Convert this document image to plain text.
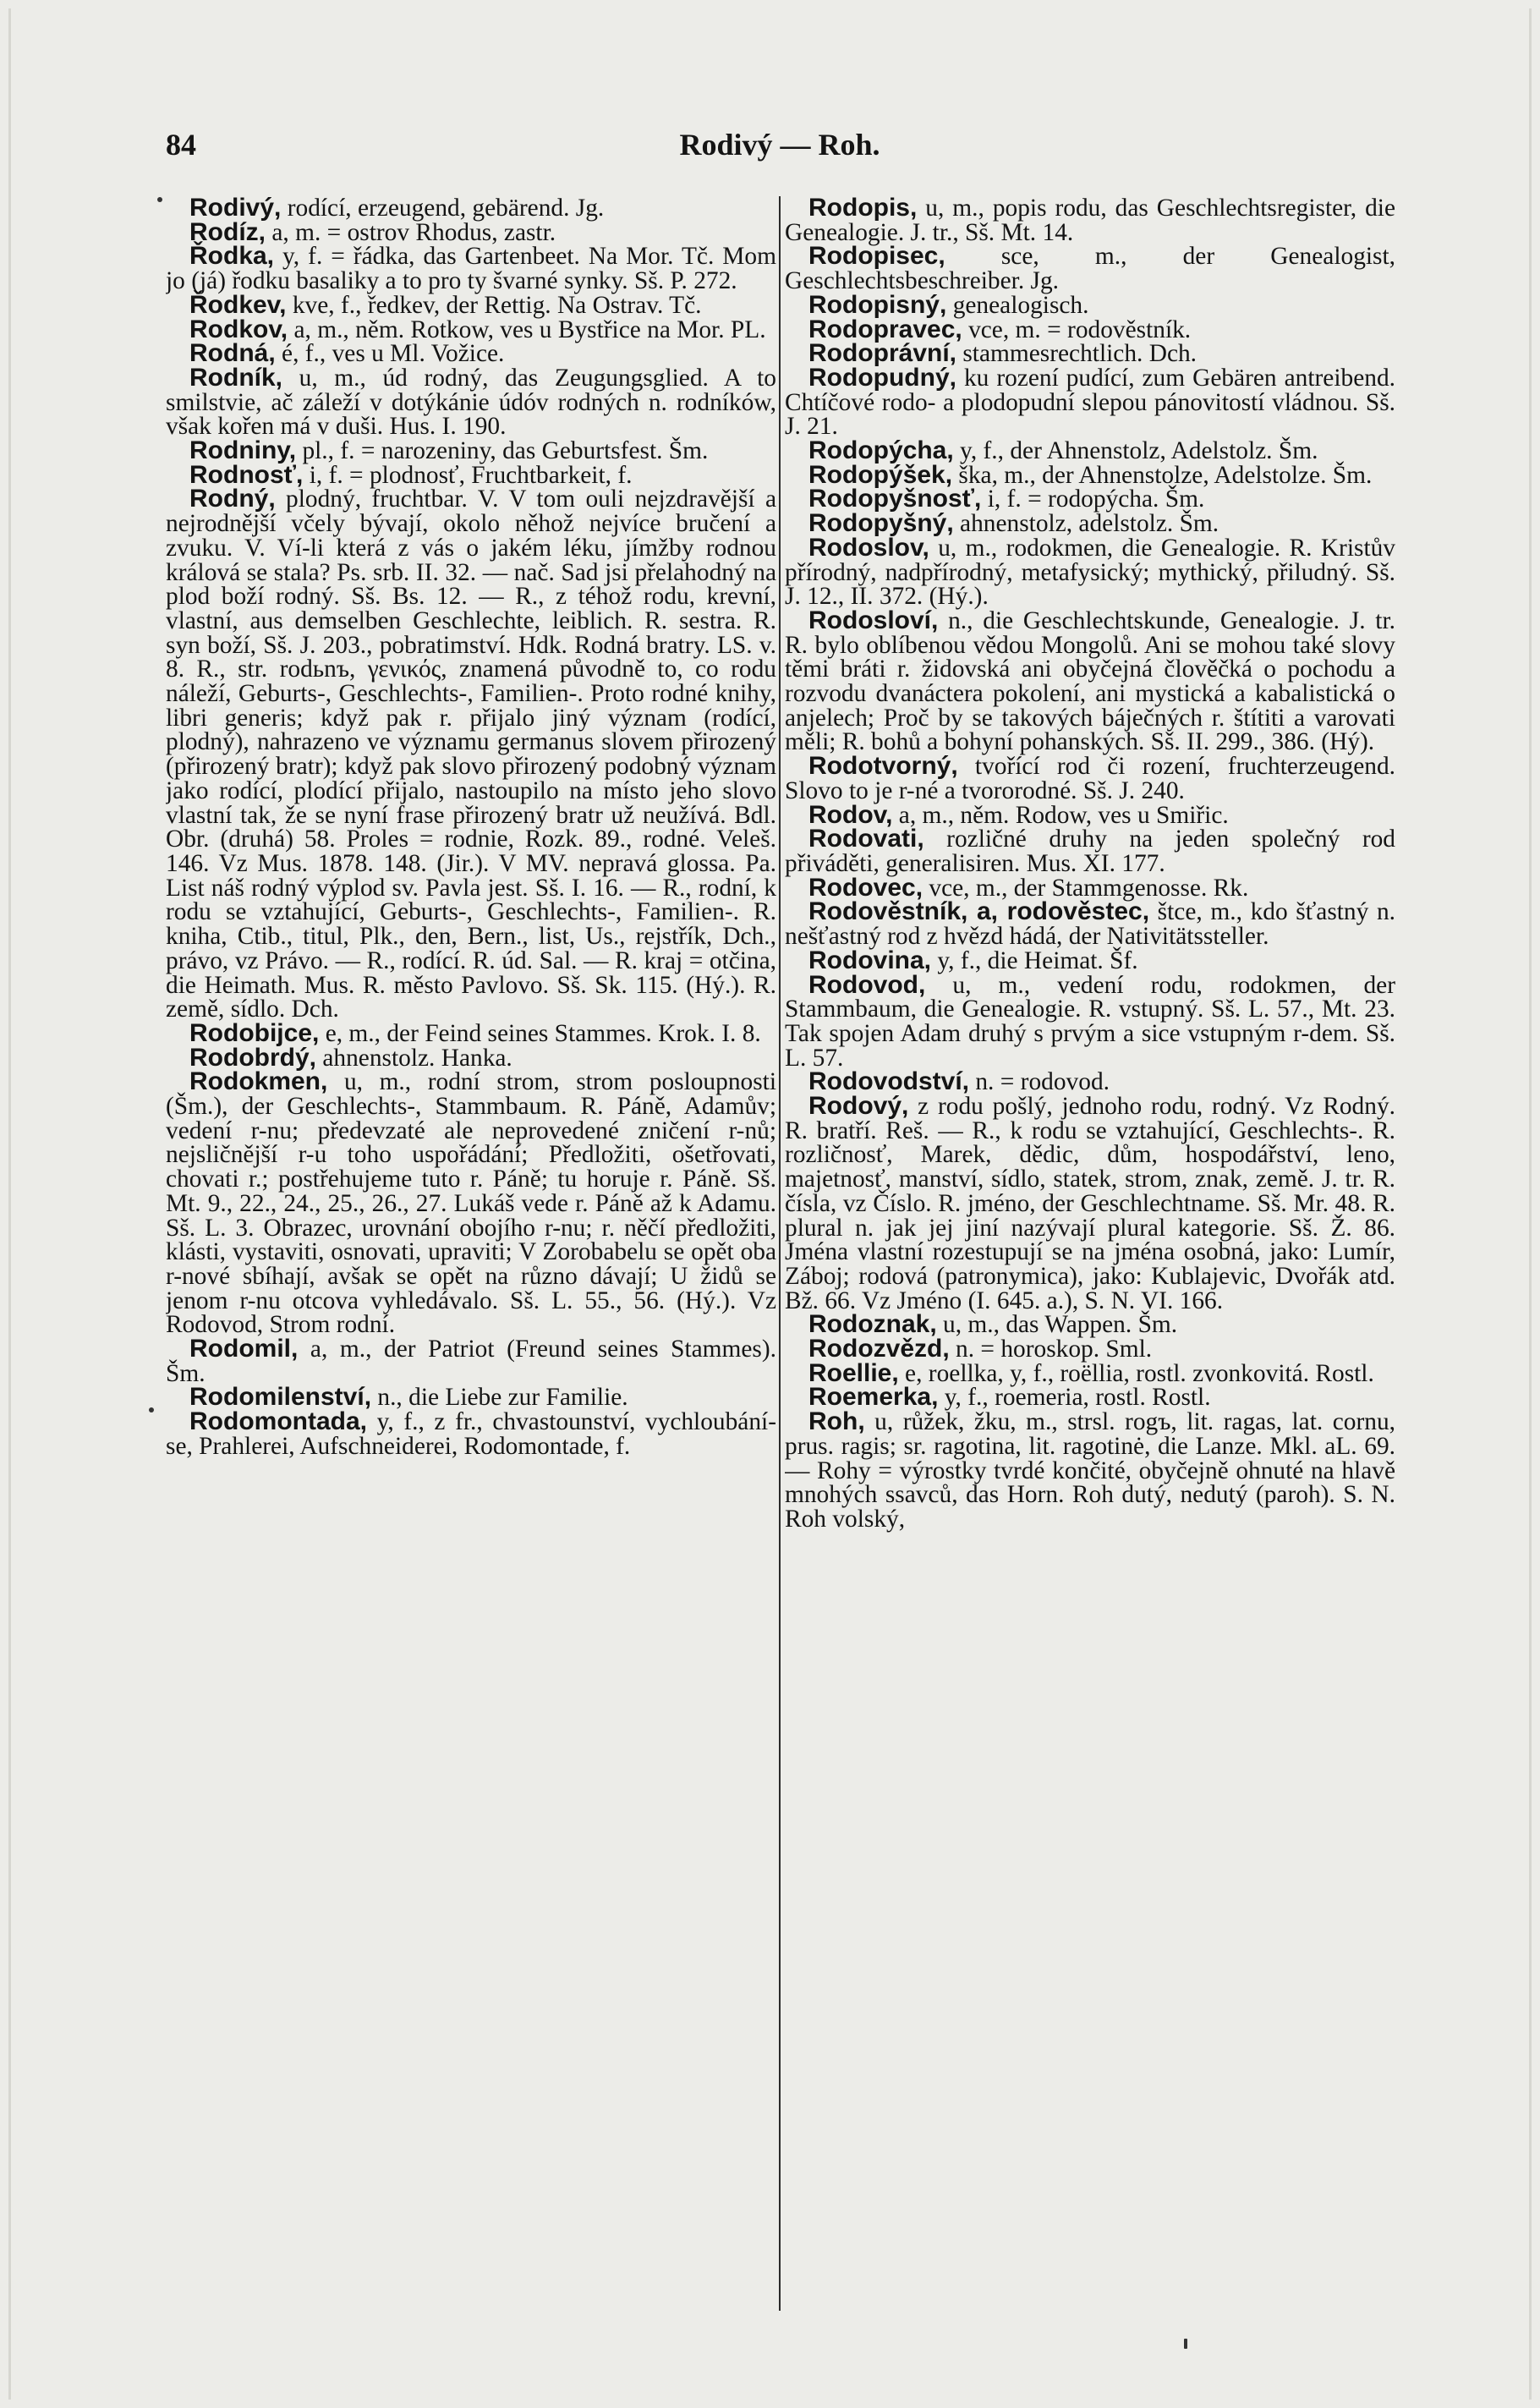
84	Rodivý — Roh.

Rodivý, rodící, erzeugend, gebärend. Jg.

Rodíz, a, m. = ostrov Rhodus, zastr.

Řodka, y, f. = řádka, das Gartenbeet. Na Mor. Tč. Mom jo (já) řodku basaliky a to pro ty švarné synky. Sš. P. 272.

Řodkev, kve, f., ředkev, der Rettig. Na Ostrav. Tč.

Rodkov, a, m., něm. Rotkow, ves u Bystřice na Mor. PL.

Rodná, é, f., ves u Ml. Vožice.

Rodník, u, m., úd rodný, das Zeugungsglied. A to smilstvie, ač záleží v dotýkánie údóv rodných n. rodníków, však kořen má v duši. Hus. I. 190.

Rodniny, pl., f. = narozeniny, das Geburtsfest. Šm.

Rodnosť, i, f. = plodnosť, Fruchtbarkeit, f.

Rodný, plodný, fruchtbar. V. V tom ouli nejzdravější a nejrodnější včely bývají, okolo něhož nejvíce bručení a zvuku. V. Ví-li která z vás o jakém léku, jímžby rodnou králová se stala? Ps. srb. II. 32. — nač. Sad jsi přelahodný na plod boží rodný. Sš. Bs. 12. — R., z téhož rodu, krevní, vlastní, aus demselben Geschlechte, leiblich. R. sestra. R. syn boží, Sš. J. 203., pobratimství. Hdk. Rodná bratry. LS. v. 8. R., str. rodьnъ, γενικός, znamená původně to, co rodu náleží, Geburts-, Geschlechts-, Familien-. Proto rodné knihy, libri generis; když pak r. přijalo jiný význam (rodící, plodný), nahrazeno ve významu germanus slovem přirozený (přirozený bratr); když pak slovo přirozený podobný význam jako rodící, plodící přijalo, nastoupilo na místo jeho slovo vlastní tak, že se nyní frase přirozený bratr už neužívá. Bdl. Obr. (druhá) 58. Proles = rodnie, Rozk. 89., rodné. Veleš. 146. Vz Mus. 1878. 148. (Jir.). V MV. nepravá glossa. Pa. List náš rodný výplod sv. Pavla jest. Sš. I. 16. — R., rodní, k rodu se vztahující, Geburts-, Geschlechts-, Familien-. R. kniha, Ctib., titul, Plk., den, Bern., list, Us., rejstřík, Dch., právo, vz Právo. — R., rodící. R. úd. Sal. — R. kraj = otčina, die Heimath. Mus. R. město Pavlovo. Sš. Sk. 115. (Hý.). R. země, sídlo. Dch.

Rodobijce, e, m., der Feind seines Stammes. Krok. I. 8.

Rodobrdý, ahnenstolz. Hanka.

Rodokmen, u, m., rodní strom, strom posloupnosti (Šm.), der Geschlechts-, Stammbaum. R. Páně, Adamův; vedení r-nu; předevzaté ale neprovedené zničení r-nů; nejsličnější r-u toho uspořádání; Předložiti, ošetřovati, chovati r.; postřehujeme tuto r. Páně; tu horuje r. Páně. Sš. Mt. 9., 22., 24., 25., 26., 27. Lukáš vede r. Páně až k Adamu. Sš. L. 3. Obrazec, urovnání obojího r-nu; r. něčí předložiti, klásti, vystaviti, osnovati, upraviti; V Zorobabelu se opět oba r-nové sbíhají, avšak se opět na různo dávají; U židů se jenom r-nu otcova vyhledávalo. Sš. L. 55., 56. (Hý.). Vz Rodovod, Strom rodní.

Rodomil, a, m., der Patriot (Freund seines Stammes). Šm.

Rodomilenství, n., die Liebe zur Familie.

Rodomontada, y, f., z fr., chvastounství, vychloubání-se, Prahlerei, Aufschneiderei, Rodomontade, f.

Rodopis, u, m., popis rodu, das Geschlechtsregister, die Genealogie. J. tr., Sš. Mt. 14.

Rodopisec, sce, m., der Genealogist, Geschlechtsbeschreiber. Jg.

Rodopisný, genealogisch.

Rodopravec, vce, m. = rodověstník.

Rodoprávní, stammesrechtlich. Dch.

Rodopudný, ku rození pudící, zum Gebären antreibend. Chtíčové rodo- a plodopudní slepou pánovitostí vládnou. Sš. J. 21.

Rodopýcha, y, f., der Ahnenstolz, Adelstolz. Šm.

Rodopýšek, ška, m., der Ahnenstolze, Adelstolze. Šm.

Rodopyšnosť, i, f. = rodopýcha. Šm.

Rodopyšný, ahnenstolz, adelstolz. Šm.

Rodoslov, u, m., rodokmen, die Genealogie. R. Kristův přírodný, nadpřírodný, metafysický; mythický, přiludný. Sš. J. 12., II. 372. (Hý.).

Rodosloví, n., die Geschlechtskunde, Genealogie. J. tr. R. bylo oblíbenou vědou Mongolů. Ani se mohou také slovy těmi bráti r. židovská ani obyčejná člověčká o pochodu a rozvodu dvanáctera pokolení, ani mystická a kabalistická o anjelech; Proč by se takových báječných r. štítiti a varovati měli; R. bohů a bohyní pohanských. Sš. II. 299., 386. (Hý).

Rodotvorný, tvořící rod či rození, fruchterzeugend. Slovo to je r-né a tvororodné. Sš. J. 240.

Rodov, a, m., něm. Rodow, ves u Smiřic.

Rodovati, rozličné druhy na jeden společný rod přiváděti, generalisiren. Mus. XI. 177.

Rodovec, vce, m., der Stammgenosse. Rk.

Rodověstník, a, rodověstec, štce, m., kdo šťastný n. nešťastný rod z hvězd hádá, der Nativitätssteller.

Rodovina, y, f., die Heimat. Šf.

Rodovod, u, m., vedení rodu, rodokmen, der Stammbaum, die Genealogie. R. vstupný. Sš. L. 57., Mt. 23. Tak spojen Adam druhý s prvým a sice vstupným r-dem. Sš. L. 57.

Rodovodství, n. = rodovod.

Rodový, z rodu pošlý, jednoho rodu, rodný. Vz Rodný. R. bratří. Reš. — R., k rodu se vztahující, Geschlechts-. R. rozličnosť, Marek, dědic, dům, hospodářství, leno, majetnosť, manství, sídlo, statek, strom, znak, země. J. tr. R. čísla, vz Číslo. R. jméno, der Geschlechtname. Sš. Mr. 48. R. plural n. jak jej jiní nazývají plural kategorie. Sš. Ž. 86. Jména vlastní rozestupují se na jména osobná, jako: Lumír, Záboj; rodová (patronymica), jako: Kublajevic, Dvořák atd. Bž. 66. Vz Jméno (I. 645. a.), S. N. VI. 166.

Rodoznak, u, m., das Wappen. Šm.

Rodozvězd, n. = horoskop. Sml.

Roellie, e, roellka, y, f., roëllia, rostl. zvonkovitá. Rostl.

Roemerka, y, f., roemeria, rostl. Rostl.

Roh, u, růžek, žku, m., strsl. rogъ, lit. ragas, lat. cornu, prus. ragis; sr. ragotina, lit. ragotinė, die Lanze. Mkl. aL. 69. — Rohy = výrostky tvrdé končité, obyčejně ohnuté na hlavě mnohých ssavců, das Horn. Roh dutý, nedutý (paroh). S. N. Roh volský,
